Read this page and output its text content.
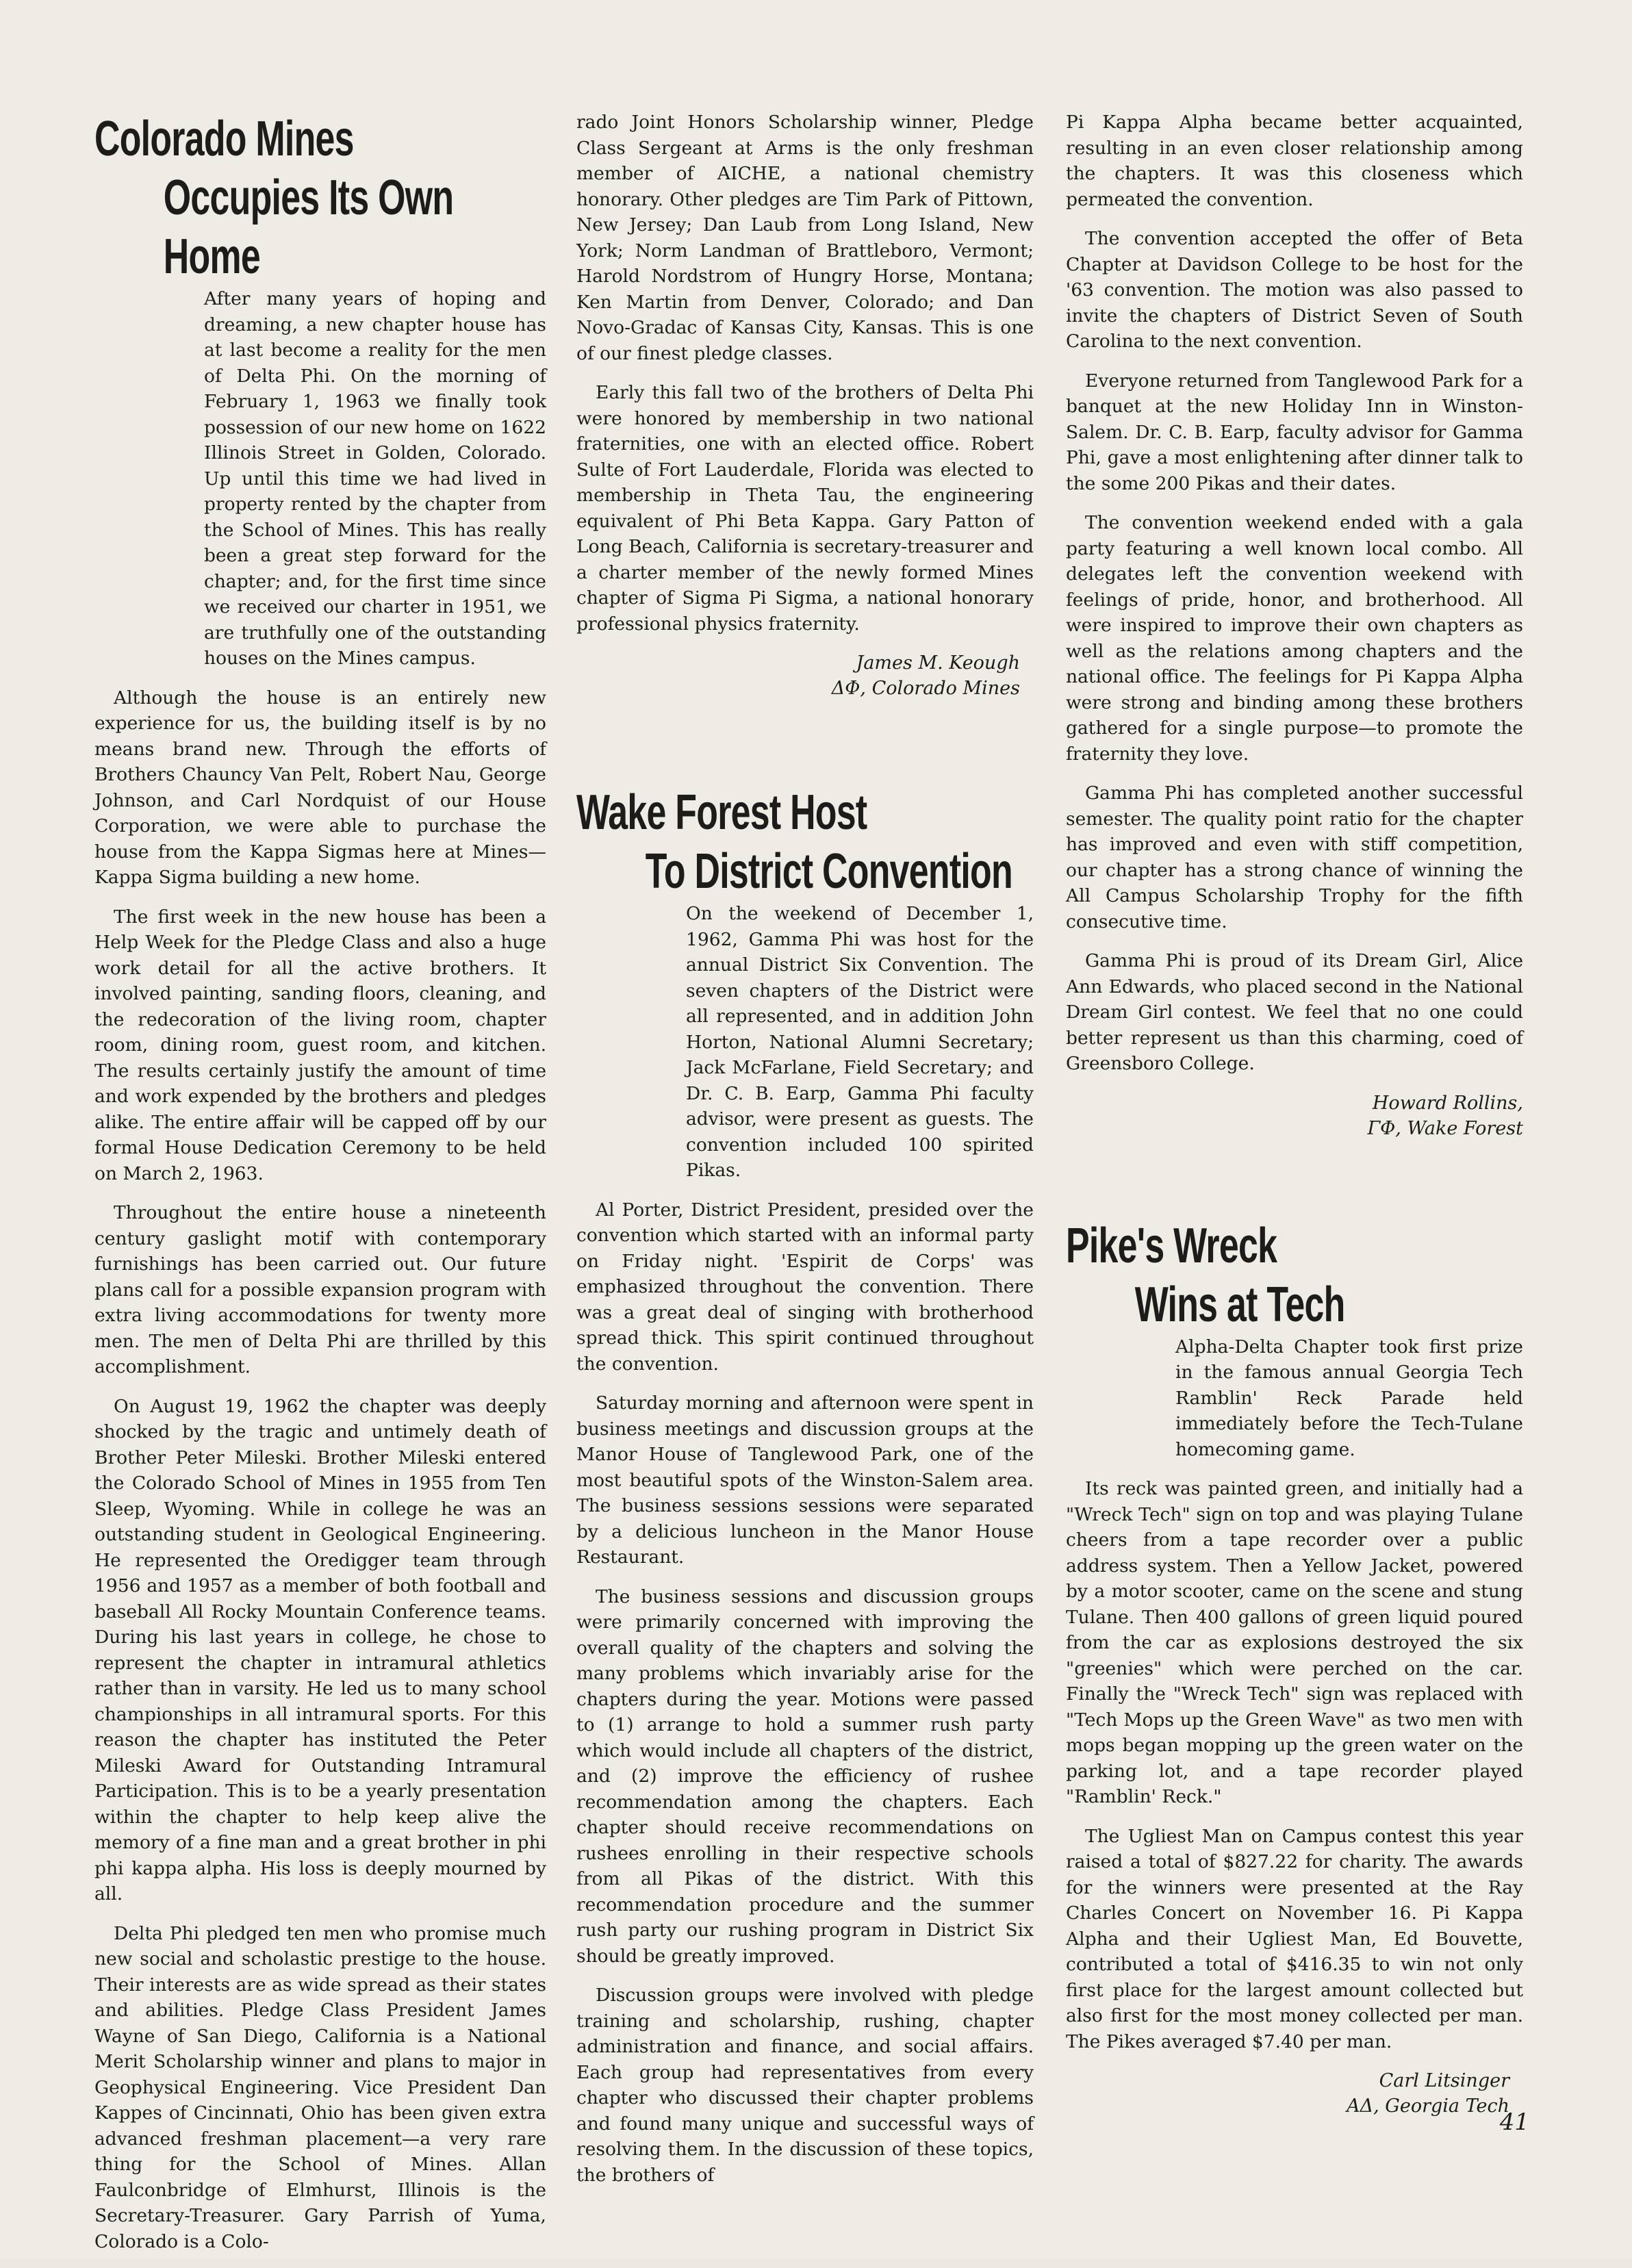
Colorado Mines
Occupies Its Own Home

After many years of hoping and dreaming, a new chapter house has at last become a reality for the men of Delta Phi. On the morning of February 1, 1963 we finally took possession of our new home on 1622 Illinois Street in Golden, Colorado. Up until this time we had lived in property rented by the chapter from the School of Mines. This has really been a great step forward for the chapter; and, for the first time since we received our charter in 1951, we are truthfully one of the outstanding houses on the Mines campus.

Although the house is an entirely new experience for us, the building itself is by no means brand new. Through the efforts of Brothers Chauncy Van Pelt, Robert Nau, George Johnson, and Carl Nordquist of our House Corporation, we were able to purchase the house from the Kappa Sigmas here at Mines—Kappa Sigma building a new home.

The first week in the new house has been a Help Week for the Pledge Class and also a huge work detail for all the active brothers. It involved painting, sanding floors, cleaning, and the redecoration of the living room, chapter room, dining room, guest room, and kitchen. The results certainly justify the amount of time and work expended by the brothers and pledges alike. The entire affair will be capped off by our formal House Dedication Ceremony to be held on March 2, 1963.

Throughout the entire house a nineteenth century gaslight motif with contemporary furnishings has been carried out. Our future plans call for a possible expansion program with extra living accommodations for twenty more men. The men of Delta Phi are thrilled by this accomplishment.

On August 19, 1962 the chapter was deeply shocked by the tragic and untimely death of Brother Peter Mileski. Brother Mileski entered the Colorado School of Mines in 1955 from Ten Sleep, Wyoming. While in college he was an outstanding student in Geological Engineering. He represented the Oredigger team through 1956 and 1957 as a member of both football and baseball All Rocky Mountain Conference teams. During his last years in college, he chose to represent the chapter in intramural athletics rather than in varsity. He led us to many school championships in all intramural sports. For this reason the chapter has instituted the Peter Mileski Award for Outstanding Intramural Participation. This is to be a yearly presentation within the chapter to help keep alive the memory of a fine man and a great brother in phi phi kappa alpha. His loss is deeply mourned by all.

Delta Phi pledged ten men who promise much new social and scholastic prestige to the house. Their interests are as wide spread as their states and abilities. Pledge Class President James Wayne of San Diego, California is a National Merit Scholarship winner and plans to major in Geophysical Engineering. Vice President Dan Kappes of Cincinnati, Ohio has been given extra advanced freshman placement—a very rare thing for the School of Mines. Allan Faulconbridge of Elmhurst, Illinois is the Secretary-Treasurer. Gary Parrish of Yuma, Colorado is a Colo-

rado Joint Honors Scholarship winner, Pledge Class Sergeant at Arms is the only freshman member of AICHE, a national chemistry honorary. Other pledges are Tim Park of Pittown, New Jersey; Dan Laub from Long Island, New York; Norm Landman of Brattleboro, Vermont; Harold Nordstrom of Hungry Horse, Montana; Ken Martin from Denver, Colorado; and Dan Novo-Gradac of Kansas City, Kansas. This is one of our finest pledge classes.

Early this fall two of the brothers of Delta Phi were honored by membership in two national fraternities, one with an elected office. Robert Sulte of Fort Lauderdale, Florida was elected to membership in Theta Tau, the engineering equivalent of Phi Beta Kappa. Gary Patton of Long Beach, California is secretary-treasurer and a charter member of the newly formed Mines chapter of Sigma Pi Sigma, a national honorary professional physics fraternity.

James M. Keough

ΔΦ, Colorado Mines

Wake Forest Host
To District Convention

On the weekend of December 1, 1962, Gamma Phi was host for the annual District Six Convention. The seven chapters of the District were all represented, and in addition John Horton, National Alumni Secretary; Jack McFarlane, Field Secretary; and Dr. C. B. Earp, Gamma Phi faculty advisor, were present as guests. The convention included 100 spirited Pikas.

Al Porter, District President, presided over the convention which started with an informal party on Friday night. 'Espirit de Corps' was emphasized throughout the convention. There was a great deal of singing with brotherhood spread thick. This spirit continued throughout the convention.

Saturday morning and afternoon were spent in business meetings and discussion groups at the Manor House of Tanglewood Park, one of the most beautiful spots of the Winston-Salem area. The business sessions sessions were separated by a delicious luncheon in the Manor House Restaurant.

The business sessions and discussion groups were primarily concerned with improving the overall quality of the chapters and solving the many problems which invariably arise for the chapters during the year. Motions were passed to (1) arrange to hold a summer rush party which would include all chapters of the district, and (2) improve the efficiency of rushee recommendation among the chapters. Each chapter should receive recommendations on rushees enrolling in their respective schools from all Pikas of the district. With this recommendation procedure and the summer rush party our rushing program in District Six should be greatly improved.

Discussion groups were involved with pledge training and scholarship, rushing, chapter administration and finance, and social affairs. Each group had representatives from every chapter who discussed their chapter problems and found many unique and successful ways of resolving them. In the discussion of these topics, the brothers of

Pi Kappa Alpha became better acquainted, resulting in an even closer relationship among the chapters. It was this closeness which permeated the convention.

The convention accepted the offer of Beta Chapter at Davidson College to be host for the '63 convention. The motion was also passed to invite the chapters of District Seven of South Carolina to the next convention.

Everyone returned from Tanglewood Park for a banquet at the new Holiday Inn in Winston-Salem. Dr. C. B. Earp, faculty advisor for Gamma Phi, gave a most enlightening after dinner talk to the some 200 Pikas and their dates.

The convention weekend ended with a gala party featuring a well known local combo. All delegates left the convention weekend with feelings of pride, honor, and brotherhood. All were inspired to improve their own chapters as well as the relations among chapters and the national office. The feelings for Pi Kappa Alpha were strong and binding among these brothers gathered for a single purpose—to promote the fraternity they love.

Gamma Phi has completed another successful semester. The quality point ratio for the chapter has improved and even with stiff competition, our chapter has a strong chance of winning the All Campus Scholarship Trophy for the fifth consecutive time.

Gamma Phi is proud of its Dream Girl, Alice Ann Edwards, who placed second in the National Dream Girl contest. We feel that no one could better represent us than this charming, coed of Greensboro College.

Howard Rollins,

ΓΦ, Wake Forest

Pike's Wreck
Wins at Tech

Alpha-Delta Chapter took first prize in the famous annual Georgia Tech Ramblin' Reck Parade held immediately before the Tech-Tulane homecoming game.

Its reck was painted green, and initially had a "Wreck Tech" sign on top and was playing Tulane cheers from a tape recorder over a public address system. Then a Yellow Jacket, powered by a motor scooter, came on the scene and stung Tulane. Then 400 gallons of green liquid poured from the car as explosions destroyed the six "greenies" which were perched on the car. Finally the "Wreck Tech" sign was replaced with "Tech Mops up the Green Wave" as two men with mops began mopping up the green water on the parking lot, and a tape recorder played "Ramblin' Reck."

The Ugliest Man on Campus contest this year raised a total of $827.22 for charity. The awards for the winners were presented at the Ray Charles Concert on November 16. Pi Kappa Alpha and their Ugliest Man, Ed Bouvette, contributed a total of $416.35 to win not only first place for the largest amount collected but also first for the most money collected per man. The Pikes averaged $7.40 per man.

Carl Litsinger

ΑΔ, Georgia Tech

41
